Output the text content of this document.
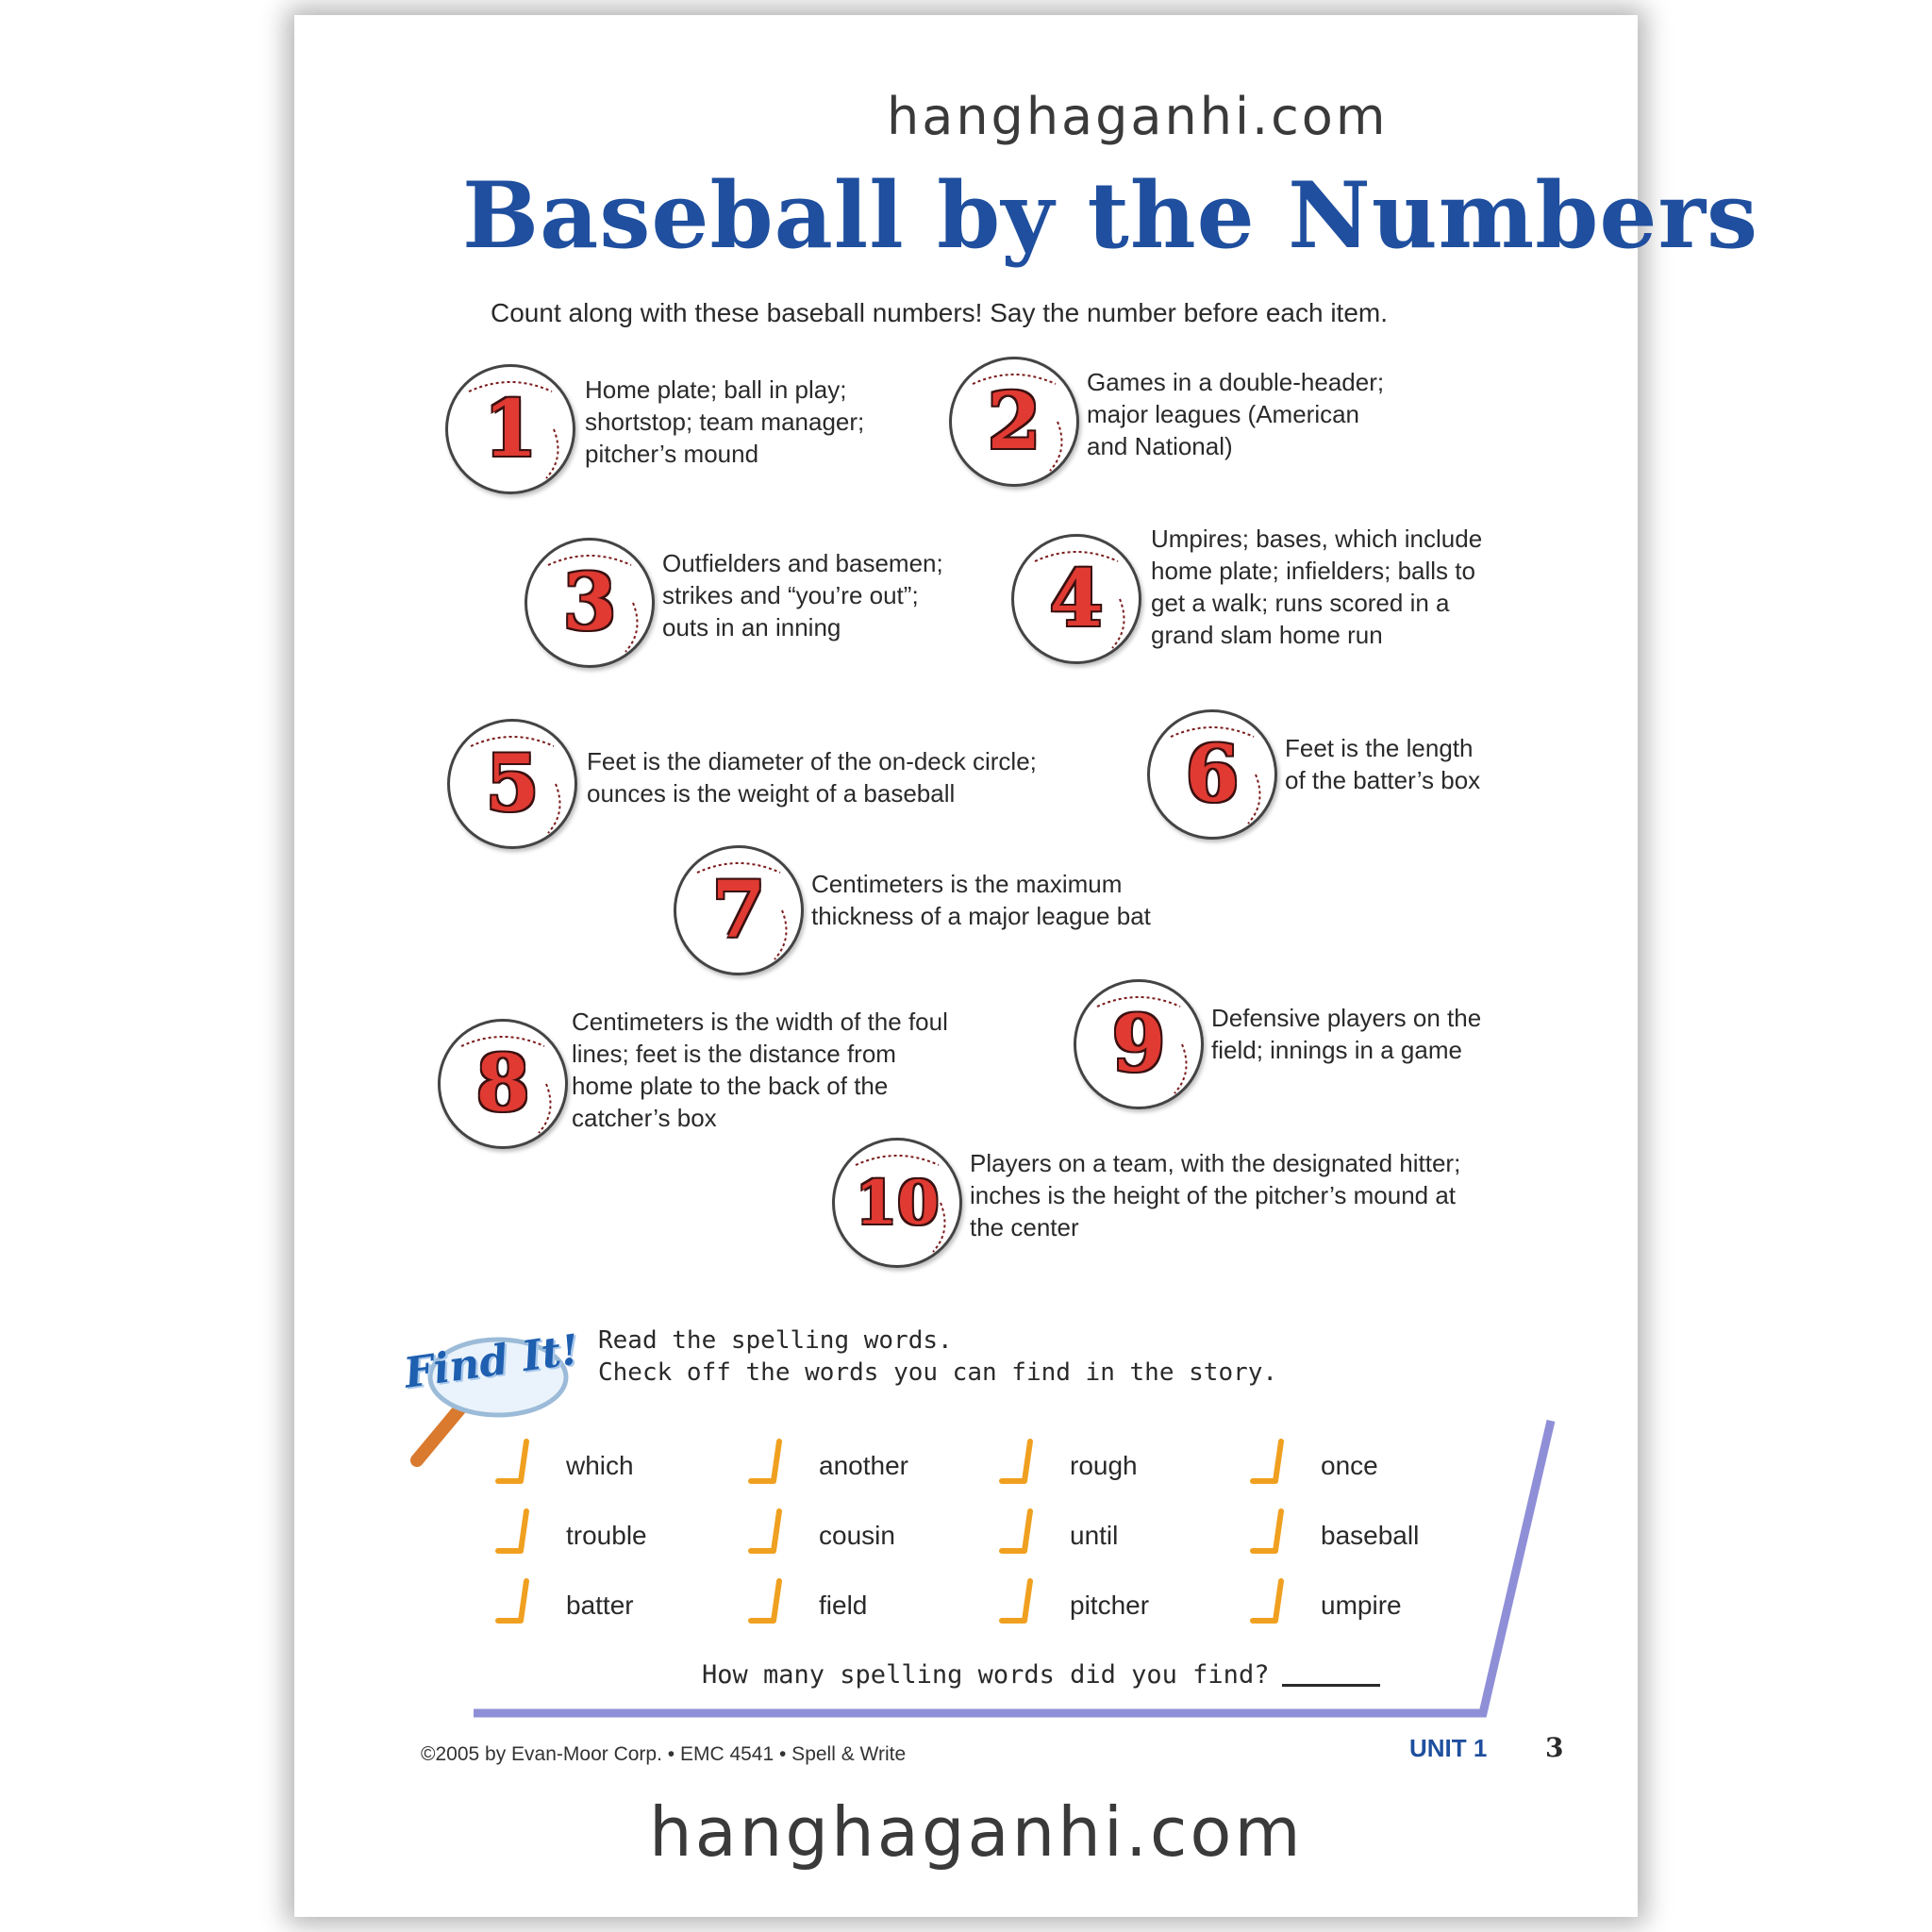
hanghaganhi.com
Baseball by the Numbers
Count along with these baseball numbers! Say the number before each item.
1	Home plate; ball in play;
shortstop; team manager;
pitcher’s mound	2	Games in a double-header;
major leagues (American
and National)
3	Outfielders and basemen;
strikes and “you’re out”;
outs in an inning	4
Umpires; bases, which include
home plate; infielders; balls to
get a walk; runs scored in a
grand slam home run
5	Feet is the diameter of the on-deck circle;
ounces is the weight of a baseball	6	Feet is the length
of the batter’s box
7	Centimeters is the maximum
thickness of a major league bat
8
Centimeters is the width of the foul
lines; feet is the distance from
home plate to the back of the
catcher’s box
9	Defensive players on the
field; innings in a game
10
Players on a team, with the designated hitter;
inches is the height of the pitcher’s mound at
the center
Find It! Read the spelling words.
Check off the words you can find in the story.
which	another	rough	once
trouble	cousin	until	baseball
batter	field	pitcher	umpire
How many spelling words did you find?
©2005 by Evan-Moor Corp. • EMC 4541 • Spell & Write	UNIT 1 3
hanghaganhi.com
